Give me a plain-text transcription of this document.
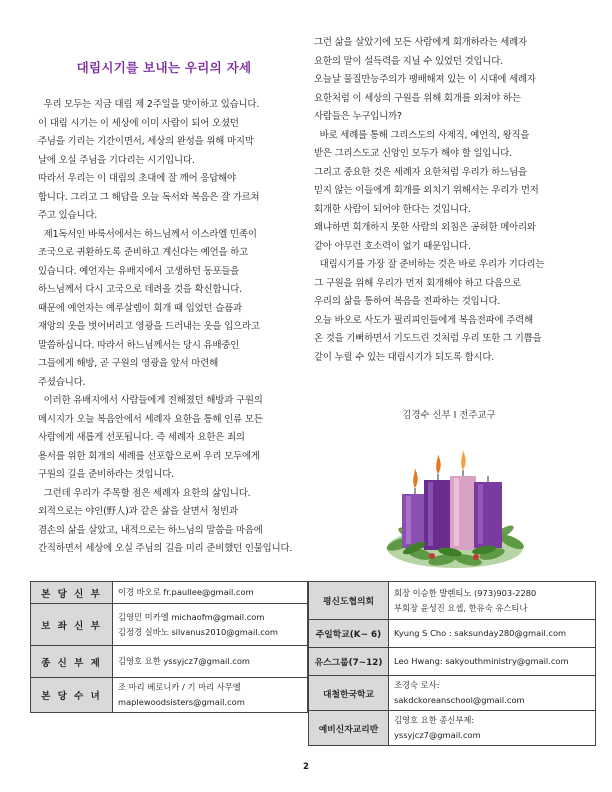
대림시기를 보내는 우리의 자세

우리 모두는 지금 대림 제 2주일을 맞이하고 있습니다.

이 대림 시기는 이 세상에 이미 사람이 되어 오셨던

주님을 기리는 기간이면서, 세상의 완성을 위해 마지막

날에 오실 주님을 기다리는 시기입니다.

따라서 우리는 이 대림의 초대에 잘 깨어 응답해야

합니다. 그리고 그 해답을 오늘 독서와 복음은 잘 가르쳐

주고 있습니다.

제1독서인 바룩서에서는 하느님께서 이스라엘 민족이

조국으로 귀환하도록 준비하고 계신다는 예언을 하고

있습니다. 예언자는 유배지에서 고생하던 동포들을

하느님께서 다시 고국으로 데려올 것을 확신합니다.

때문에 예언자는 예루살렘이 회개 때 입었던 슬픔과

재앙의 옷을 벗어버리고 영광을 드러내는 옷을 입으라고

말씀하십니다. 따라서 하느님께서는 당시 유배중인

그들에게 해방, 곧 구원의 영광을 앞서 마련해

주셨습니다.

이러한 유배지에서 사람들에게 전해졌던 해방과 구원의

메시지가 오늘 복음안에서 세례자 요한을 통해 인류 모든

사람에게 새롭게 선포됩니다. 즉 세례자 요한은 죄의

용서를 위한 회개의 세례를 선포함으로써 우리 모두에게

구원의 길을 준비하라는 것입니다.

그런데 우리가 주목할 점은 세례자 요한의 삶입니다.

외적으로는 야인(野人)과 같은 삶을 살면서 청빈과

겸손의 삶을 살았고, 내적으로는 하느님의 말씀을 마음에

간직하면서 세상에 오실 주님의 길을 미리 준비했던 인물입니다.

그런 삶을 살았기에 모든 사람에게 회개하라는 세례자

요한의 말이 설득력을 지닐 수 있었던 것입니다.

오늘날 물질만능주의가 팽배해져 있는 이 시대에 세례자

요한처럼 이 세상의 구원을 위해 회개를 외쳐야 하는

사람들은 누구입니까?

바로 세례를 통해 그리스도의 사제직, 예언직, 왕직을

받은 그리스도교 신앙인 모두가 해야 할 일입니다.

그리고 중요한 것은 세례자 요한처럼 우리가 하느님을

믿지 않는 이들에게 회개를 외치기 위해서는 우리가 먼저

회개한 사람이 되어야 한다는 것입니다.

왜냐하면 회개하지 못한 사람의 외침은 공허한 메아리와

같아 아무런 호소력이 없기 때문입니다.

대림시기를 가장 잘 준비하는 것은 바로 우리가 기다리는

그 구원을 위해 우리가 먼저 회개해야 하고 다음으로

우리의 삶을 통하여 복음을 전파하는 것입니다.

오늘 바오로 사도가 필리피인들에게 복음전파에 주력해

온 것을 기뻐하면서 기도드린 것처럼 우리 또한 그 기쁨을

같이 누릴 수 있는 대림시기가 되도록 합시다.

김경수 신부 I 전주교구
본 당 신 부	이경 바오로 fr.paullee@gmail.com

보 좌 신 부	김영민 미카엘 michaofm@gmail.com
김정경 실바노 silvanus2010@gmail.com

종 신 부 제	김영호 요한 yssyjcz7@gmail.com

본 당 수 녀	조 마리 베로니카 / 기 마리 사무엘
maplewoodsisters@gmail.com
평신도협의회	회장 이승한 발렌티노 (973)903-2280
부회장 윤성진 요셉, 한유숙 유스티나

주일학교(K~ 6)	Kyung S Cho : saksunday280@gmail.com

유스그룹(7~12)	Leo Hwang: sakyouthministry@gmail.com

대철한국학교	조경숙 로사:
sakdckoreanschool@gmail.com

예비신자교리반	김영호 요한 종신부제:
yssyjcz7@gmail.com
2
